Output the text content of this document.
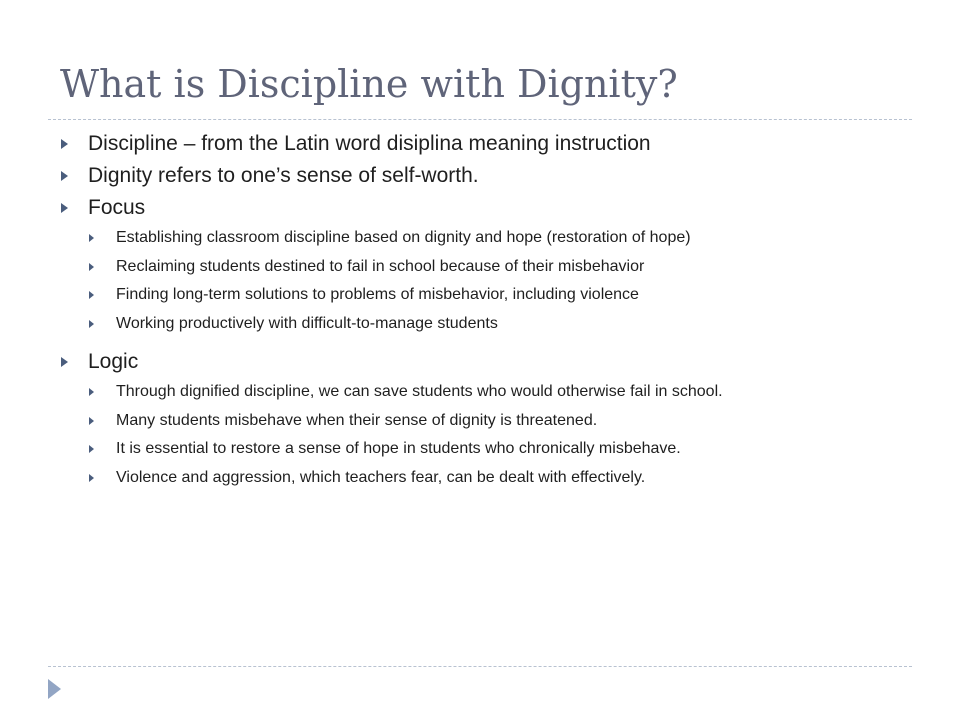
What is Discipline with Dignity?
Discipline – from the Latin word disiplina meaning instruction
Dignity refers to one’s sense of self-worth.
Focus
Establishing classroom discipline based on dignity and hope (restoration of hope)
Reclaiming students destined to fail in school because of their misbehavior
Finding long-term solutions to problems of misbehavior, including violence
Working productively with difficult-to-manage students
Logic
Through dignified discipline, we can save students who would otherwise fail in school.
Many students misbehave when their sense of dignity is threatened.
It is essential to restore a sense of hope in students who chronically misbehave.
Violence and aggression, which teachers fear, can be dealt with effectively.
